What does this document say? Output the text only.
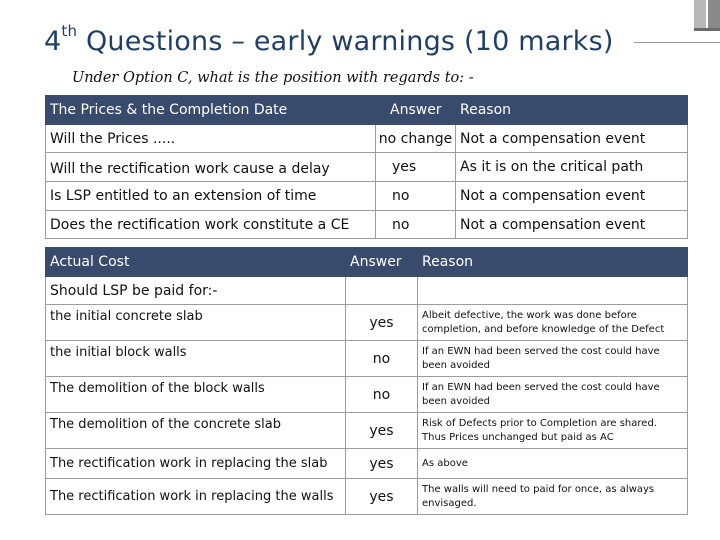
4th Questions – early warnings (10 marks)
Under Option C, what is the position with regards to: -
The Prices & the Completion Date	Answer	Reason
Will the Prices .....	no change	Not a compensation event
Will the rectification work cause a delay	yes	As it is on the critical path
Is LSP entitled to an extension of time	no	Not a compensation event
Does the rectification work constitute a CE	no	Not a compensation event
Actual Cost	Answer	Reason
Should LSP be paid for:-		
the initial concrete slab	yes	Albeit defective, the work was done before completion, and before knowledge of the Defect
the initial block walls	no	If an EWN had been served the cost could have been avoided
The demolition of the block walls	no	If an EWN had been served the cost could have been avoided
The demolition of the concrete slab	yes	Risk of Defects prior to Completion are shared. Thus Prices unchanged but paid as AC
The rectification work in replacing the slab	yes	As above
The rectification work in replacing the walls	yes	The walls will need to paid for once, as always envisaged.
